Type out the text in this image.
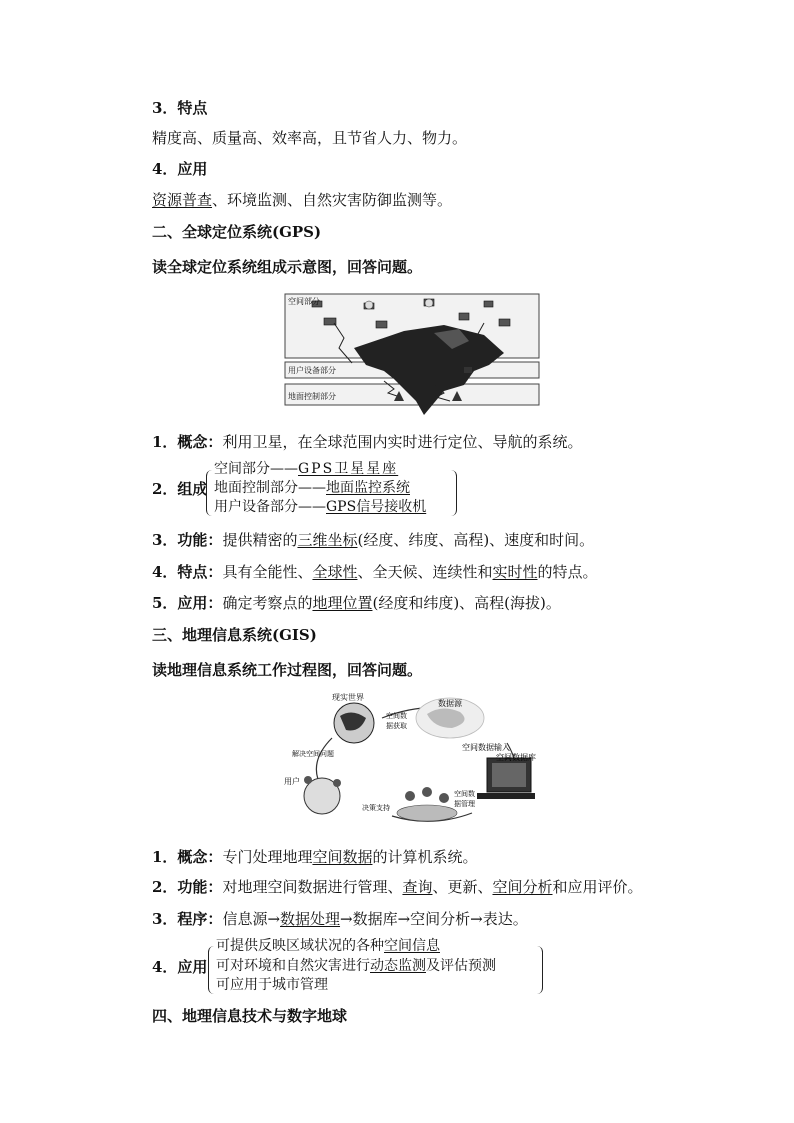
3．特点
精度高、质量高、效率高，且节省人力、物力。
4．应用
资源普查、环境监测、自然灾害防御监测等。
二、全球定位系统(GPS)
读全球定位系统组成示意图，回答问题。
空间部分
用户设备部分
地面控制部分
1．概念：利用卫星，在全球范围内实时进行定位、导航的系统。
2．组成
空间部分——GPS卫星星座
地面控制部分——地面监控系统
用户设备部分——GPS信号接收机
3．功能：提供精密的三维坐标(经度、纬度、高程)、速度和时间。
4．特点：具有全能性、全球性、全天候、连续性和实时性的特点。
5．应用：确定考察点的地理位置(经度和纬度)、高程(海拔)。
三、地理信息系统(GIS)
读地理信息系统工作过程图，回答问题。
现实世界
空间数
据获取
数据源
空间数据输入
空间数据库
空间数
据管理
决策支持
用户
解决空间问题
1．概念：专门处理地理空间数据的计算机系统。
2．功能：对地理空间数据进行管理、查询、更新、空间分析和应用评价。
3．程序：信息源→数据处理→数据库→空间分析→表达。
4．应用
可提供反映区域状况的各种空间信息
可对环境和自然灾害进行动态监测及评估预测
可应用于城市管理
四、地理信息技术与数字地球
